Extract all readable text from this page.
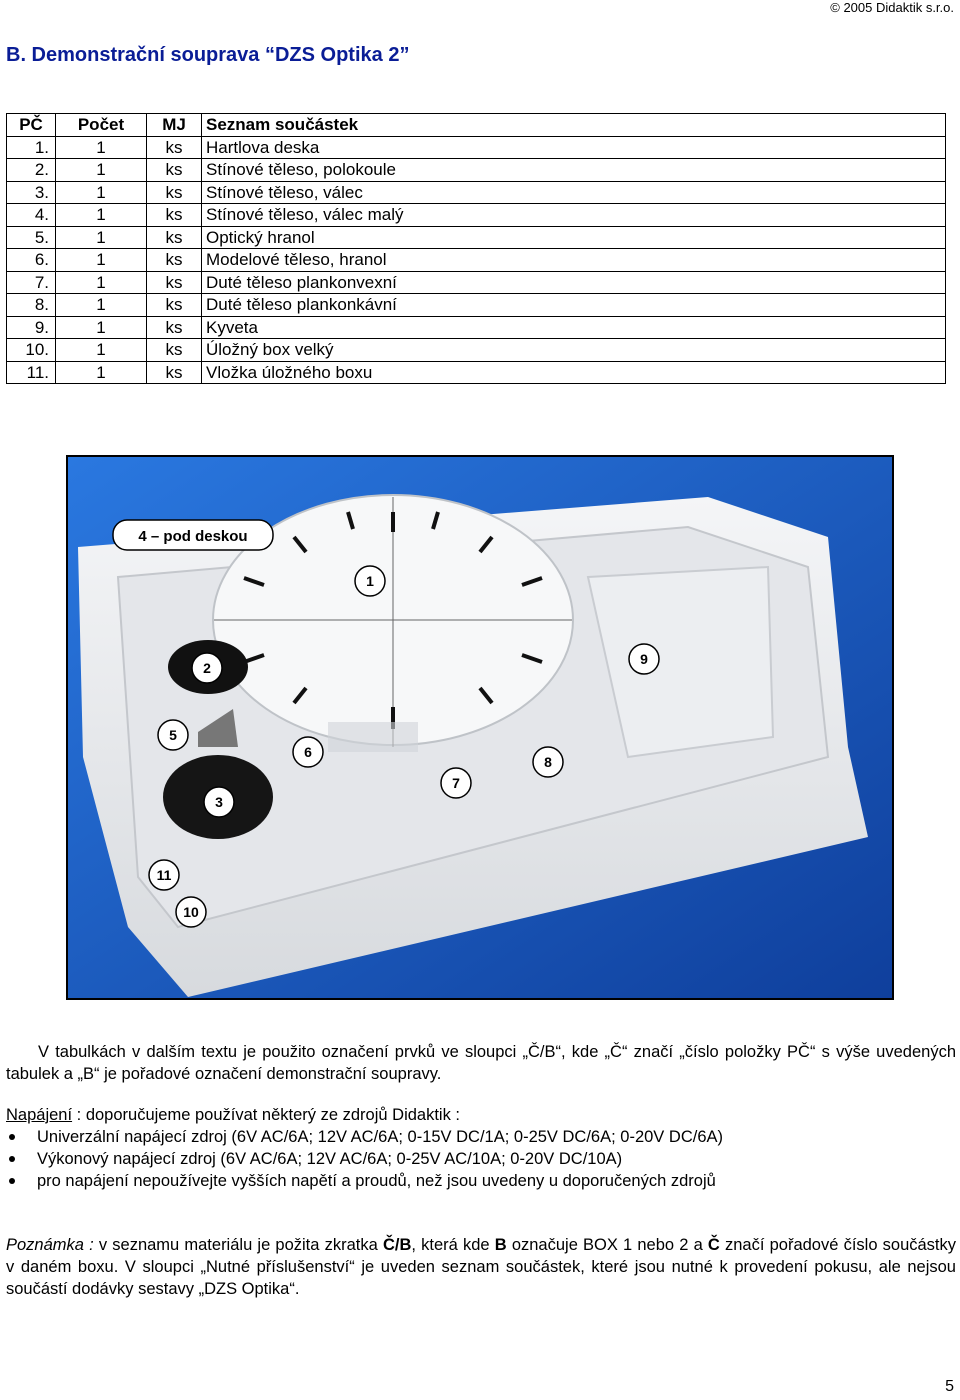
© 2005 Didaktik s.r.o.
B. Demonstrační souprava “DZS Optika 2”
PČ	Počet	MJ	Seznam součástek
1.	1	ks	Hartlova deska
2.	1	ks	Stínové těleso, polokoule
3.	1	ks	Stínové těleso, válec
4.	1	ks	Stínové těleso, válec malý
5.	1	ks	Optický hranol
6.	1	ks	Modelové těleso, hranol
7.	1	ks	Duté těleso plankonvexní
8.	1	ks	Duté těleso plankonkávní
9.	1	ks	Kyveta
10.	1	ks	Úložný box velký
11.	1	ks	Vložka úložného boxu
4 – pod deskou
1
2
3
5
6
7
8
9
10
11
V tabulkách v dalším textu je použito označení prvků ve sloupci „Č/B“, kde „Č“ značí „číslo položky PČ“ s výše uvedených tabulek a „B“ je pořadové označení demonstrační soupravy.
Napájení : doporučujeme používat některý ze zdrojů Didaktik :
Univerzální napájecí zdroj (6V AC/6A; 12V AC/6A; 0-15V DC/1A; 0-25V DC/6A; 0-20V DC/6A)
Výkonový napájecí zdroj (6V AC/6A; 12V AC/6A; 0-25V AC/10A; 0-20V DC/10A)
pro napájení nepoužívejte vyšších napětí a proudů, než jsou uvedeny u doporučených zdrojů
Poznámka : v seznamu materiálu je požita zkratka Č/B, která kde B označuje BOX 1 nebo 2 a Č značí pořadové číslo součástky v daném boxu. V sloupci „Nutné příslušenství“ je uveden seznam součástek, které jsou nutné k provedení pokusu, ale nejsou součástí dodávky sestavy „DZS Optika“.
5
